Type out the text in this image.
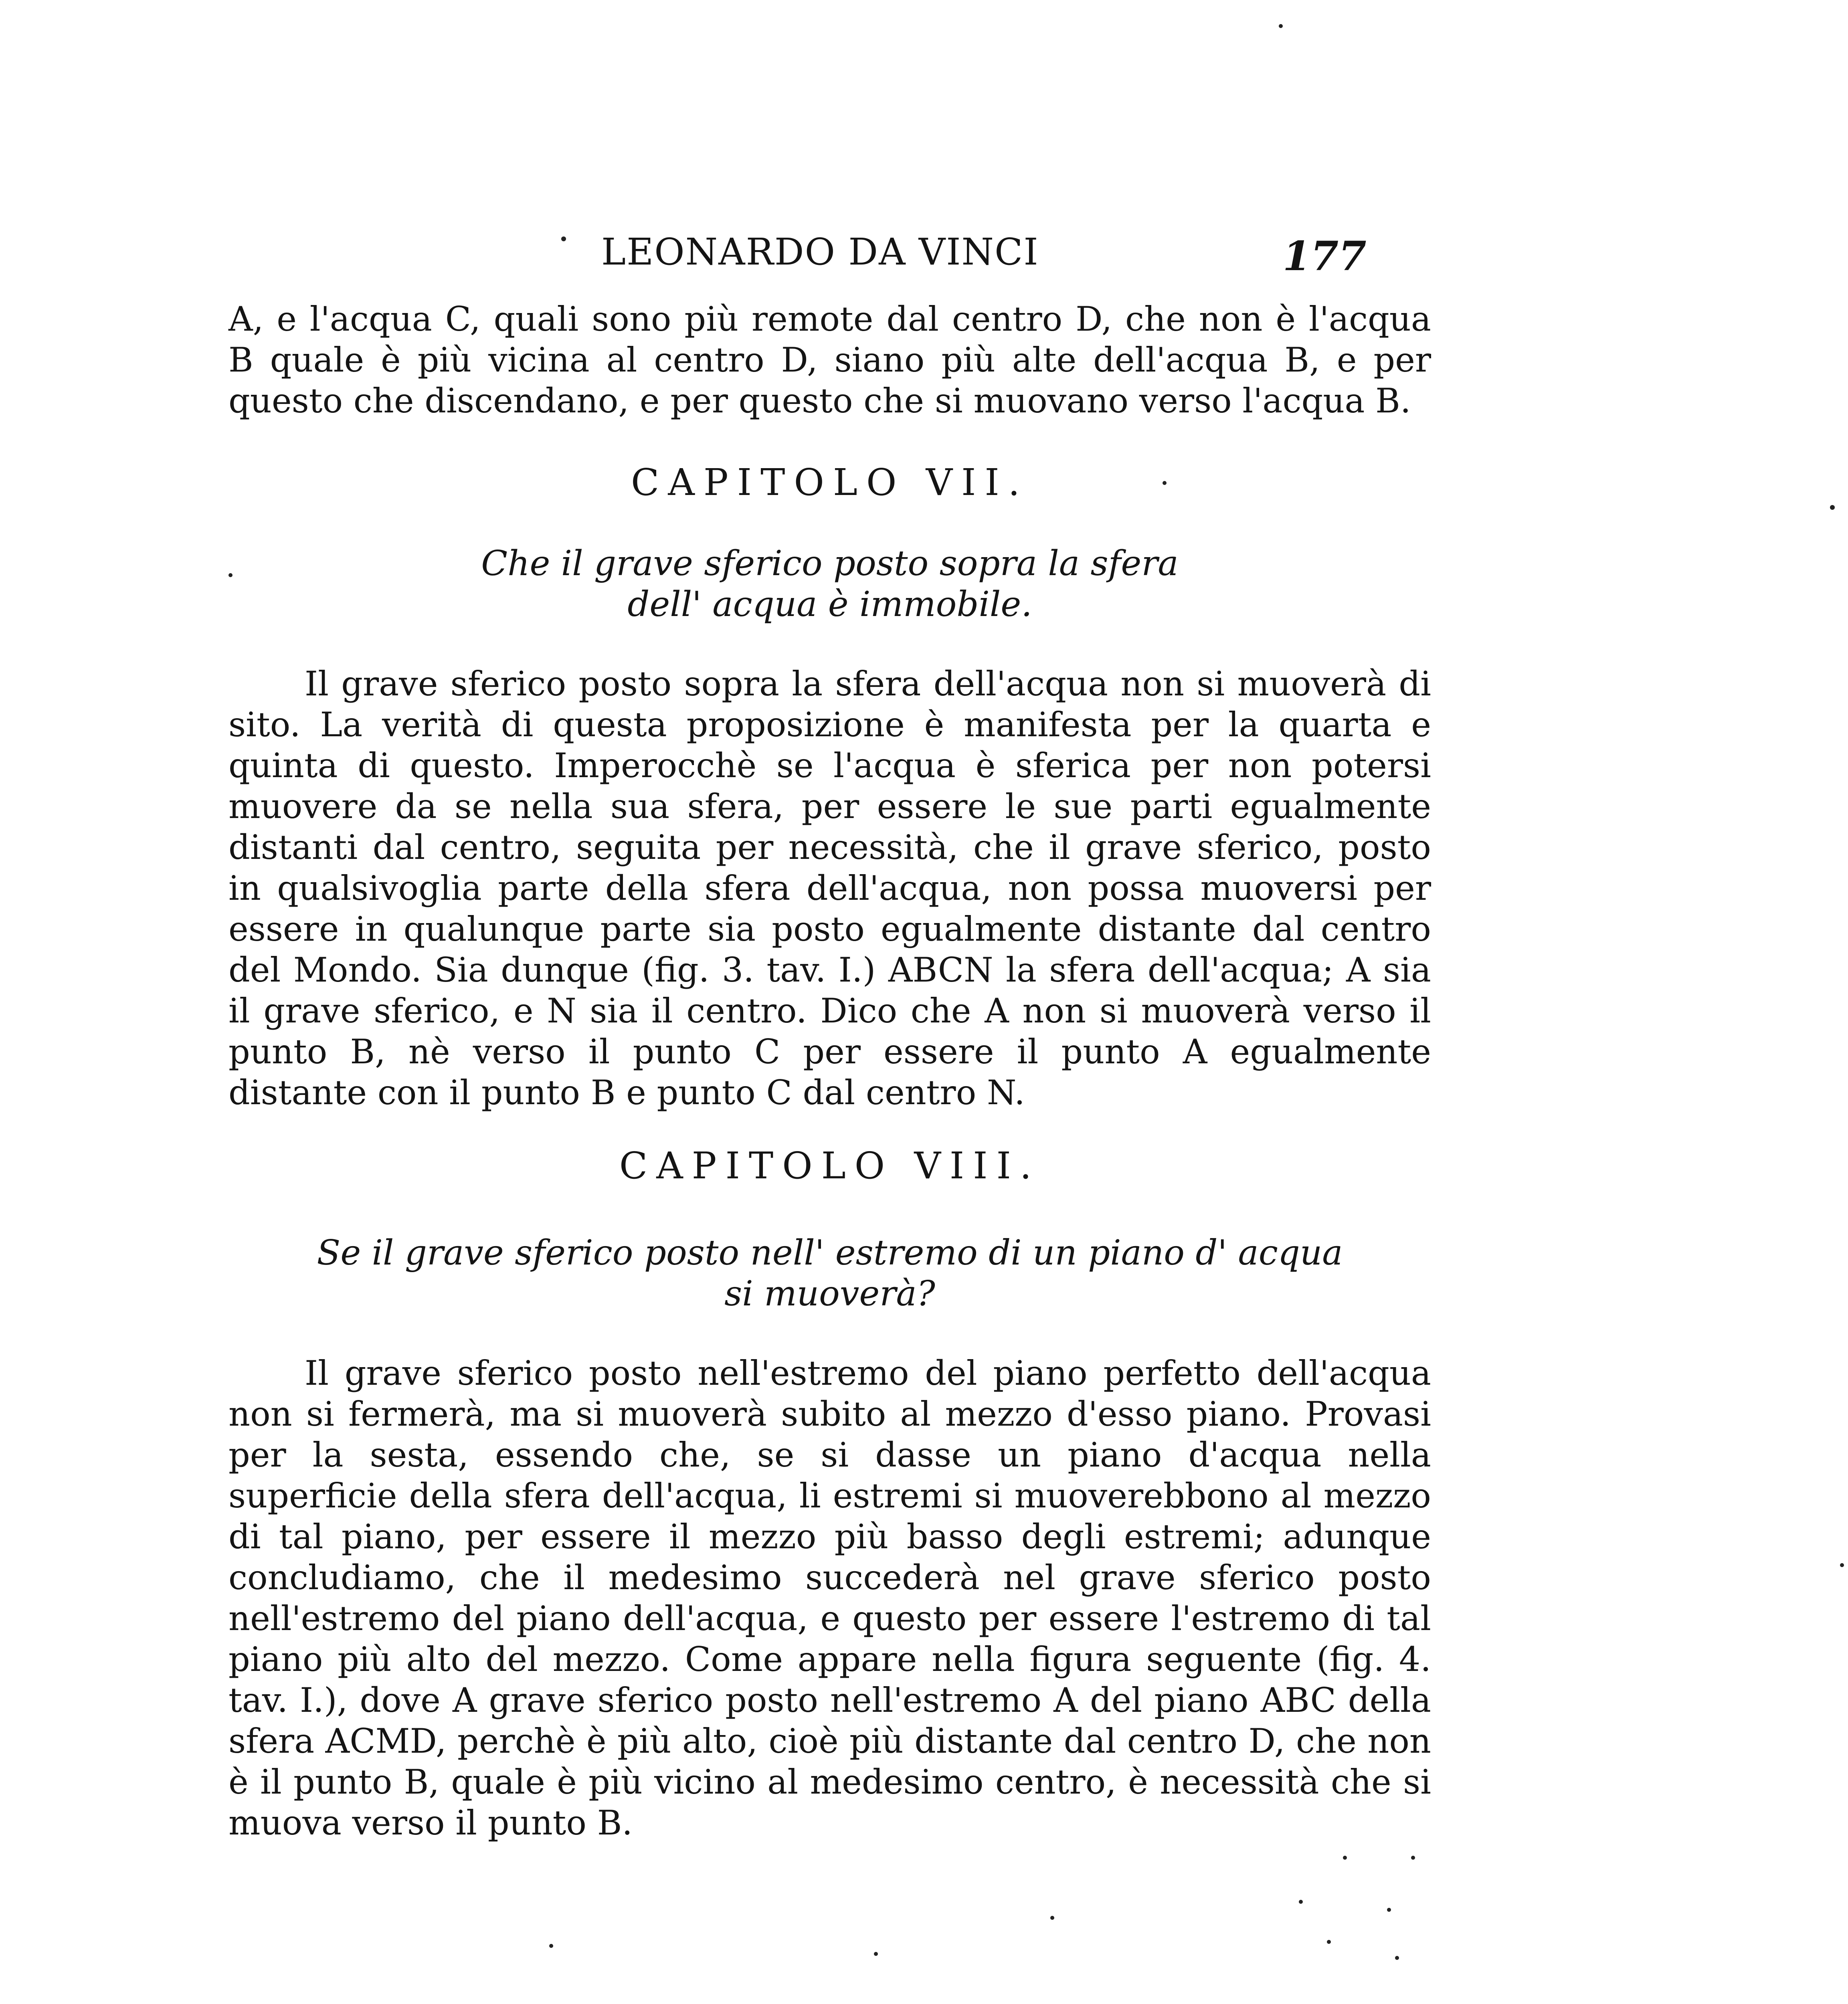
LEONARDO DA VINCI	177

A, e l'acqua C, quali sono più remote dal centro D, che non è l'acqua B quale è più vicina al centro D, siano più alte dell'acqua B, e per questo che discendano, e per questo che si muovano verso l'acqua B.

CAPITOLO VII.
Che il grave sferico posto sopra la sfera
dell' acqua è immobile.

Il grave sferico posto sopra la sfera dell'acqua non si muoverà di sito. La verità di questa proposizione è manifesta per la quarta e quinta di questo. Imperocchè se l'acqua è sferica per non potersi muovere da se nella sua sfera, per essere le sue parti egualmente distanti dal centro, seguita per necessità, che il grave sferico, posto in qualsivoglia parte della sfera dell'acqua, non possa muoversi per essere in qualunque parte sia posto egualmente distante dal centro del Mondo. Sia dunque (fig. 3. tav. I.) ABCN la sfera dell'acqua; A sia il grave sferico, e N sia il centro. Dico che A non si muoverà verso il punto B, nè verso il punto C per essere il punto A egualmente distante con il punto B e punto C dal centro N.

CAPITOLO VIII.
Se il grave sferico posto nell' estremo di un piano d' acqua
si muoverà?

Il grave sferico posto nell'estremo del piano perfetto dell'acqua non si fermerà, ma si muoverà subito al mezzo d'esso piano. Provasi per la sesta, essendo che, se si dasse un piano d'acqua nella superficie della sfera dell'acqua, li estremi si muoverebbono al mezzo di tal piano, per essere il mezzo più basso degli estremi; adunque concludiamo, che il medesimo succederà nel grave sferico posto nell'estremo del piano dell'acqua, e questo per essere l'estremo di tal piano più alto del mezzo. Come appare nella figura seguente (fig. 4. tav. I.), dove A grave sferico posto nell'estremo A del piano ABC della sfera ACMD, perchè è più alto, cioè più distante dal centro D, che non è il punto B, quale è più vicino al medesimo centro, è necessità che si muova verso il punto B.
